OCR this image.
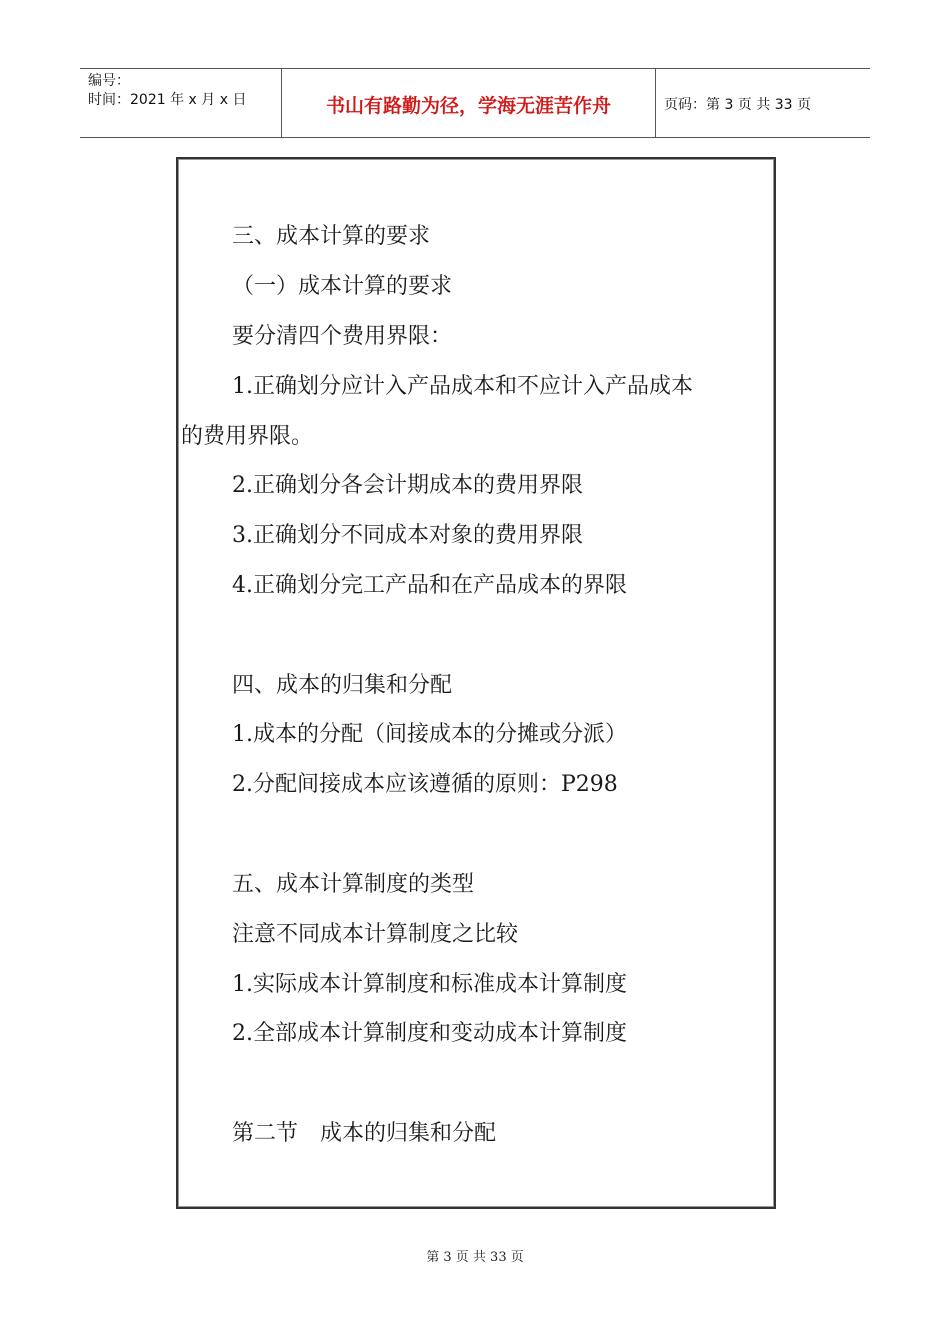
编号：
时间：2021 年 x 月 x 日	书山有路勤为径，学海无涯苦作舟	页码：第 3 页 共 33 页
三、成本计算的要求
（一）成本计算的要求
要分清四个费用界限：
1.正确划分应计入产品成本和不应计入产品成本
的费用界限。
2.正确划分各会计期成本的费用界限
3.正确划分不同成本对象的费用界限
4.正确划分完工产品和在产品成本的界限
四、成本的归集和分配
1.成本的分配（间接成本的分摊或分派）
2.分配间接成本应该遵循的原则：P298
五、成本计算制度的类型
注意不同成本计算制度之比较
1.实际成本计算制度和标准成本计算制度
2.全部成本计算制度和变动成本计算制度
第二节　成本的归集和分配
第 3 页 共 33 页
